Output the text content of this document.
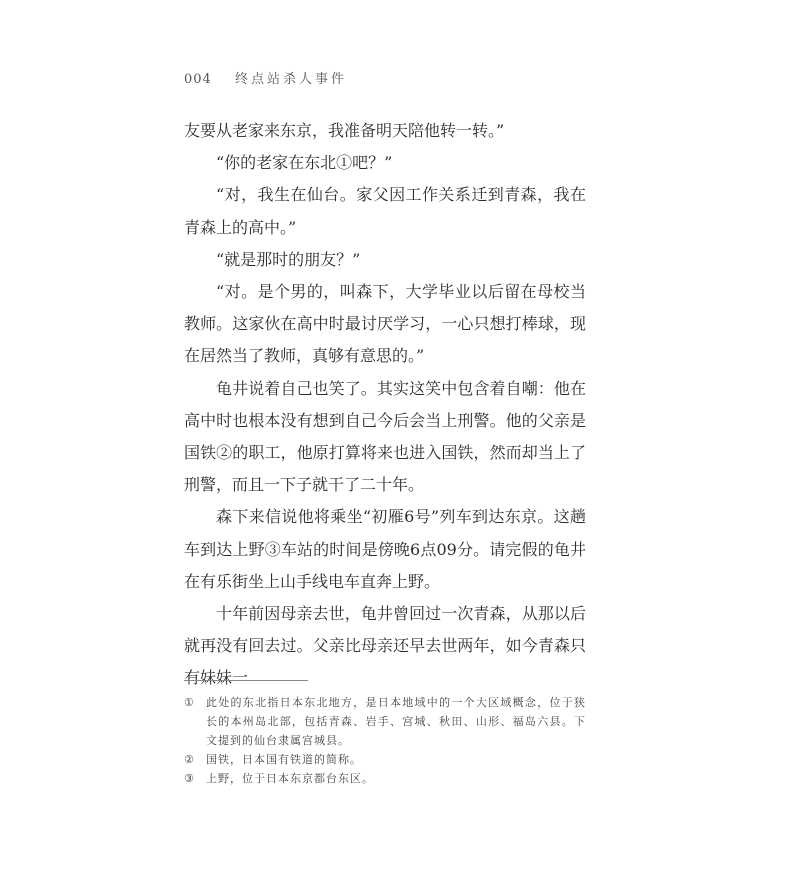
004 终点站杀人事件

友要从老家来东京，我准备明天陪他转一转。”

“你的老家在东北①吧？”

“对，我生在仙台。家父因工作关系迁到青森，我在青森上的高中。”

“就是那时的朋友？”

“对。是个男的，叫森下，大学毕业以后留在母校当教师。这家伙在高中时最讨厌学习，一心只想打棒球，现在居然当了教师，真够有意思的。”

龟井说着自己也笑了。其实这笑中包含着自嘲：他在高中时也根本没有想到自己今后会当上刑警。他的父亲是国铁②的职工，他原打算将来也进入国铁，然而却当上了刑警，而且一下子就干了二十年。

森下来信说他将乘坐“初雁6号”列车到达东京。这趟车到达上野③车站的时间是傍晚6点09分。请完假的龟井在有乐街坐上山手线电车直奔上野。

十年前因母亲去世，龟井曾回过一次青森，从那以后就再没有回去过。父亲比母亲还早去世两年，如今青森只有妹妹一

①	此处的东北指日本东北地方，是日本地域中的一个大区域概念，位于狭长的本州岛北部，包括青森、岩手、宫城、秋田、山形、福岛六县。下文提到的仙台隶属宫城县。
②	国铁，日本国有铁道的简称。
③	上野，位于日本东京都台东区。
